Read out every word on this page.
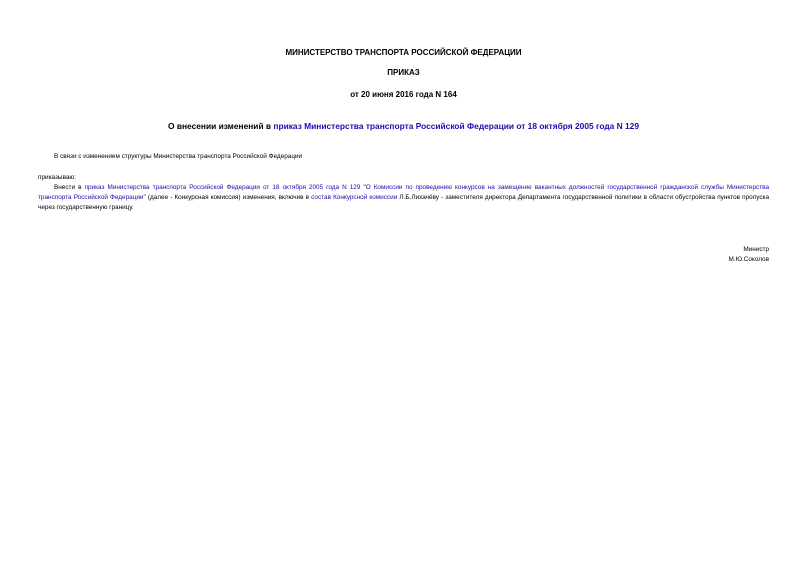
МИНИСТЕРСТВО ТРАНСПОРТА РОССИЙСКОЙ ФЕДЕРАЦИИ
ПРИКАЗ
от 20 июня 2016 года N 164
О внесении изменений в приказ Министерства транспорта Российской Федерации от 18 октября 2005 года N 129
В связи с изменением структуры Министерства транспорта Российской Федерации
приказываю:
Внести в приказ Министерства транспорта Российской Федерации от 18 октября 2005 года N 129 "О Комиссии по проведению конкурсов на замещение вакантных должностей государственной гражданской службы Министерства транспорта Российской Федерации" (далее - Конкурсная комиссия) изменения, включив в состав Конкурсной комиссии Л.Б.Лихачёву - заместителя директора Департамента государственной политики в области обустройства пунктов пропуска через государственную границу.
Министр
М.Ю.Соколов
